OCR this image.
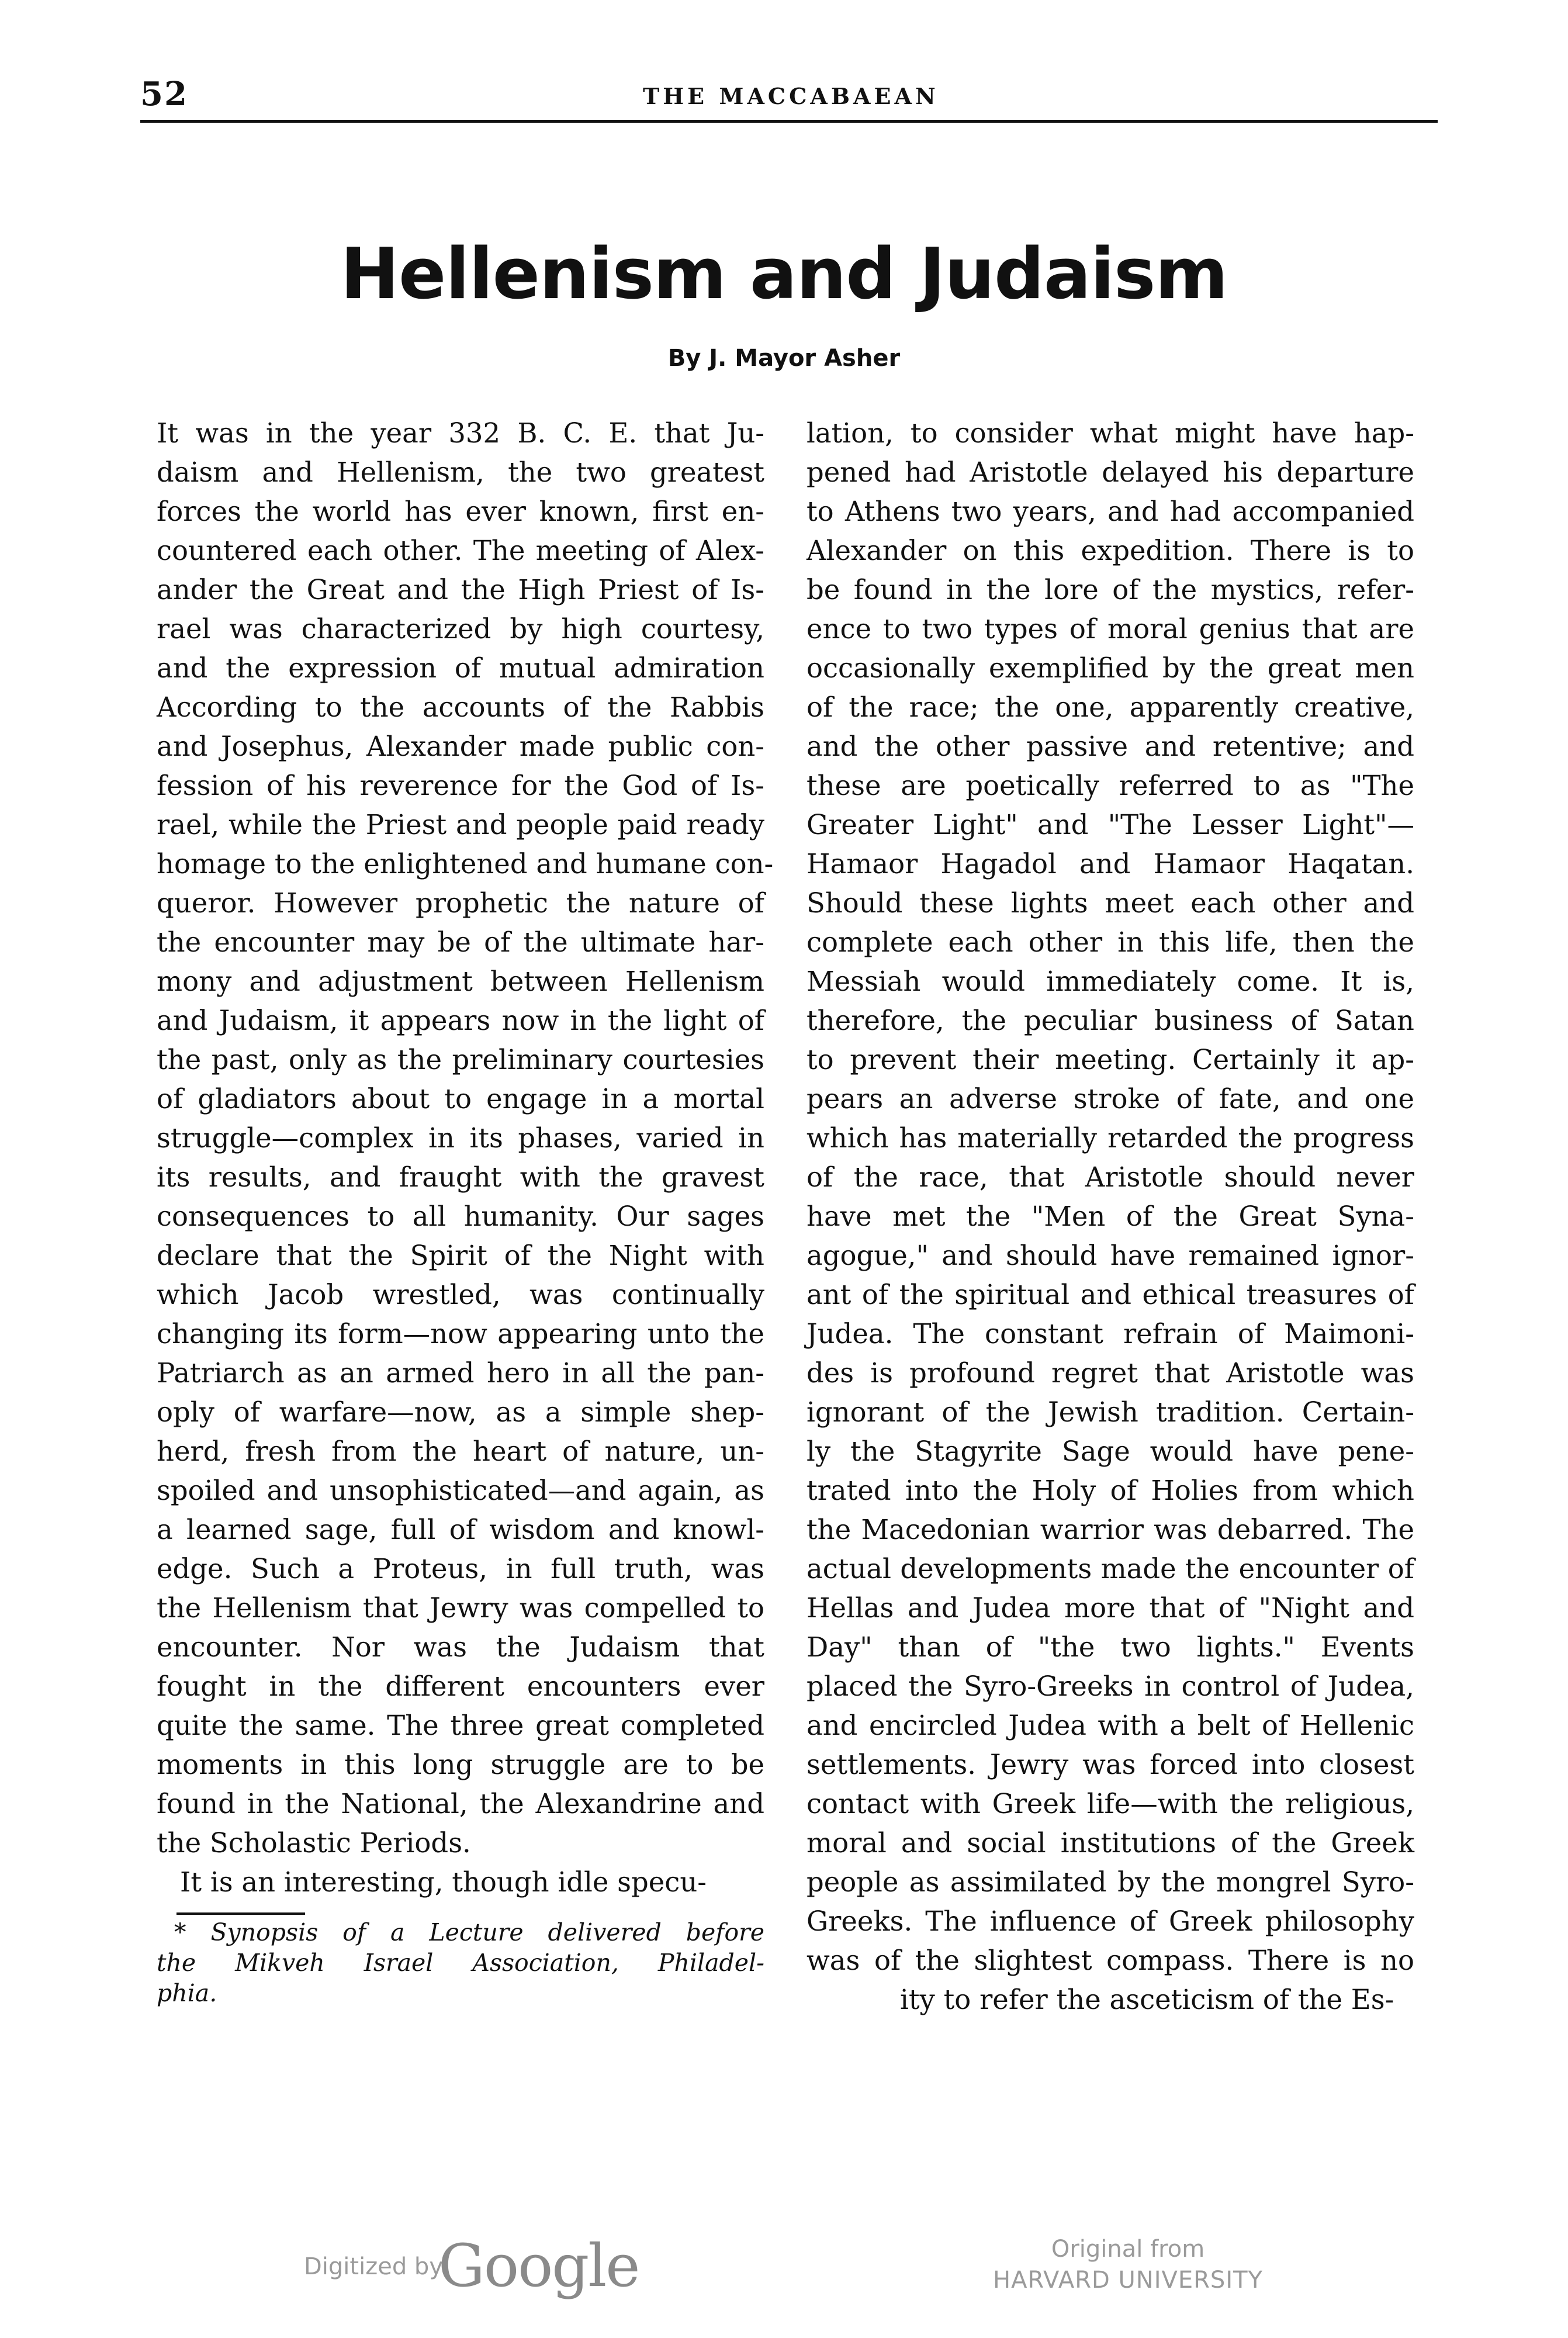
52	THE MACCABAEAN
Hellenism and Judaism
By J. Mayor Asher
It was in the year 332 B. C. E. that Ju-
daism and Hellenism, the two greatest
forces the world has ever known, first en-
countered each other. The meeting of Alex-
ander the Great and the High Priest of Is-
rael was characterized by high courtesy,
and the expression of mutual admiration
According to the accounts of the Rabbis
and Josephus, Alexander made public con-
fession of his reverence for the God of Is-
rael, while the Priest and people paid ready
homage to the enlightened and humane con-
queror. However prophetic the nature of
the encounter may be of the ultimate har-
mony and adjustment between Hellenism
and Judaism, it appears now in the light of
the past, only as the preliminary courtesies
of gladiators about to engage in a mortal
struggle—complex in its phases, varied in
its results, and fraught with the gravest
consequences to all humanity. Our sages
declare that the Spirit of the Night with
which Jacob wrestled, was continually
changing its form—now appearing unto the
Patriarch as an armed hero in all the pan-
oply of warfare—now, as a simple shep-
herd, fresh from the heart of nature, un-
spoiled and unsophisticated—and again, as
a learned sage, full of wisdom and knowl-
edge. Such a Proteus, in full truth, was
the Hellenism that Jewry was compelled to
encounter. Nor was the Judaism that
fought in the different encounters ever
quite the same. The three great completed
moments in this long struggle are to be
found in the National, the Alexandrine and
the Scholastic Periods.
It is an interesting, though idle specu-
lation, to consider what might have hap-
pened had Aristotle delayed his departure
to Athens two years, and had accompanied
Alexander on this expedition. There is to
be found in the lore of the mystics, refer-
ence to two types of moral genius that are
occasionally exemplified by the great men
of the race; the one, apparently creative,
and the other passive and retentive; and
these are poetically referred to as "The
Greater Light" and "The Lesser Light"—
Hamaor Hagadol and Hamaor Haqatan.
Should these lights meet each other and
complete each other in this life, then the
Messiah would immediately come. It is,
therefore, the peculiar business of Satan
to prevent their meeting. Certainly it ap-
pears an adverse stroke of fate, and one
which has materially retarded the progress
of the race, that Aristotle should never
have met the "Men of the Great Syna-
agogue," and should have remained ignor-
ant of the spiritual and ethical treasures of
Judea. The constant refrain of Maimoni-
des is profound regret that Aristotle was
ignorant of the Jewish tradition. Certain-
ly the Stagyrite Sage would have pene-
trated into the Holy of Holies from which
the Macedonian warrior was debarred. The
actual developments made the encounter of
Hellas and Judea more that of "Night and
Day" than of "the two lights." Events
placed the Syro-Greeks in control of Judea,
and encircled Judea with a belt of Hellenic
settlements. Jewry was forced into closest
contact with Greek life—with the religious,
moral and social institutions of the Greek
people as assimilated by the mongrel Syro-
Greeks. The influence of Greek philosophy
was of the slightest compass. There is no
ity to refer the asceticism of the Es-
* Synopsis of a Lecture delivered before
the Mikveh Israel Association, Philadel-
phia.
Digitized by
Google	Original from
HARVARD UNIVERSITY
